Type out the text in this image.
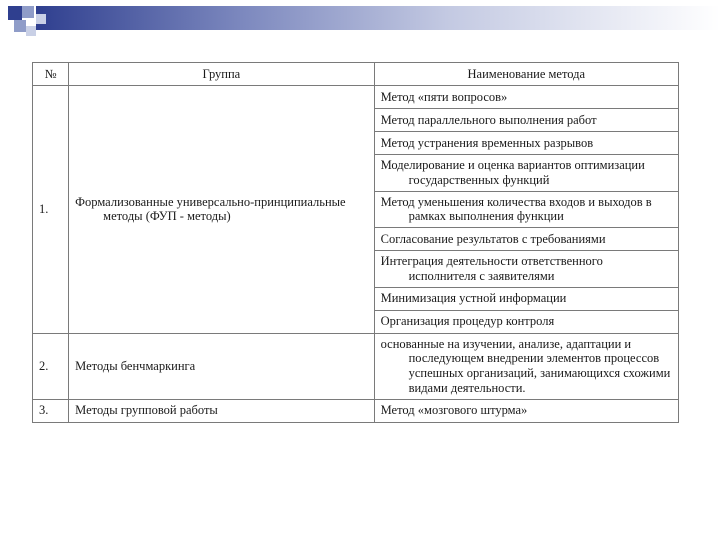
№	Группа	Наименование метода
1.	Формализованные универсально-принципиальные методы (ФУП - методы)	Метод «пяти вопросов»

		Метод параллельного выполнения работ

		Метод устранения временных разрывов

		Моделирование и оценка вариантов оптимизации государственных функций

		Метод уменьшения количества входов и выходов в рамках выполнения функции

		Согласование результатов с требованиями

		Интеграция деятельности ответственного исполнителя с заявителями

		Минимизация устной информации

		Организация процедур контроля

2.	Методы бенчмаркинга	основанные на изучении, анализе, адаптации и последующем внедрении элементов процессов успешных организаций, занимающихся схожими видами деятельности.

3.	Методы групповой работы	Метод «мозгового штурма»
